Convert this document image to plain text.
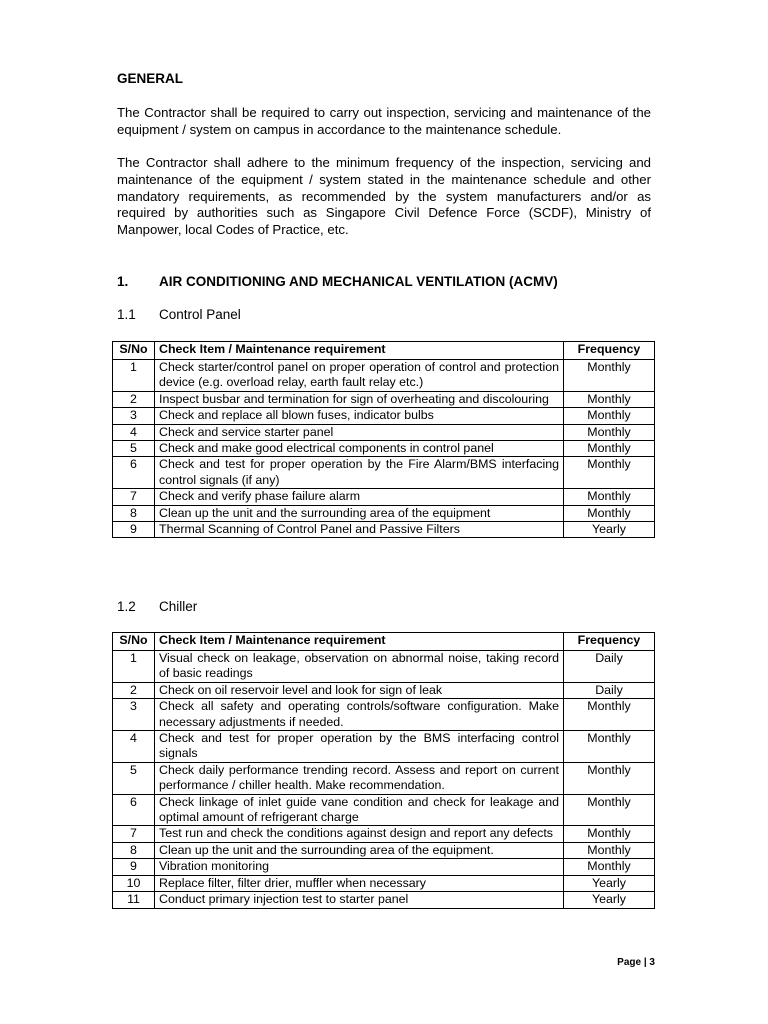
GENERAL

The Contractor shall be required to carry out inspection, servicing and maintenance of the equipment / system on campus in accordance to the maintenance schedule.

The Contractor shall adhere to the minimum frequency of the inspection, servicing and maintenance of the equipment / system stated in the maintenance schedule and other mandatory requirements, as recommended by the system manufacturers and/or as required by authorities such as Singapore Civil Defence Force (SCDF), Ministry of Manpower, local Codes of Practice, etc.

1. AIR CONDITIONING AND MECHANICAL VENTILATION (ACMV)
1.1 Control Panel
S/No	Check Item / Maintenance requirement	Frequency
1	Check starter/control panel on proper operation of control and protection device (e.g. overload relay, earth fault relay etc.)	Monthly
2	Inspect busbar and termination for sign of overheating and discolouring	Monthly
3	Check and replace all blown fuses, indicator bulbs	Monthly
4	Check and service starter panel	Monthly
5	Check and make good electrical components in control panel	Monthly
6	Check and test for proper operation by the Fire Alarm/BMS interfacing control signals (if any)	Monthly
7	Check and verify phase failure alarm	Monthly
8	Clean up the unit and the surrounding area of the equipment	Monthly
9	Thermal Scanning of Control Panel and Passive Filters	Yearly
1.2 Chiller
S/No	Check Item / Maintenance requirement	Frequency
1	Visual check on leakage, observation on abnormal noise, taking record of basic readings	Daily
2	Check on oil reservoir level and look for sign of leak	Daily
3	Check all safety and operating controls/software configuration. Make necessary adjustments if needed.	Monthly
4	Check and test for proper operation by the BMS interfacing control signals	Monthly
5	Check daily performance trending record. Assess and report on current performance / chiller health. Make recommendation.	Monthly
6	Check linkage of inlet guide vane condition and check for leakage and optimal amount of refrigerant charge	Monthly
7	Test run and check the conditions against design and report any defects	Monthly
8	Clean up the unit and the surrounding area of the equipment.	Monthly
9	Vibration monitoring	Monthly
10	Replace filter, filter drier, muffler when necessary	Yearly
11	Conduct primary injection test to starter panel	Yearly
Page | 3
